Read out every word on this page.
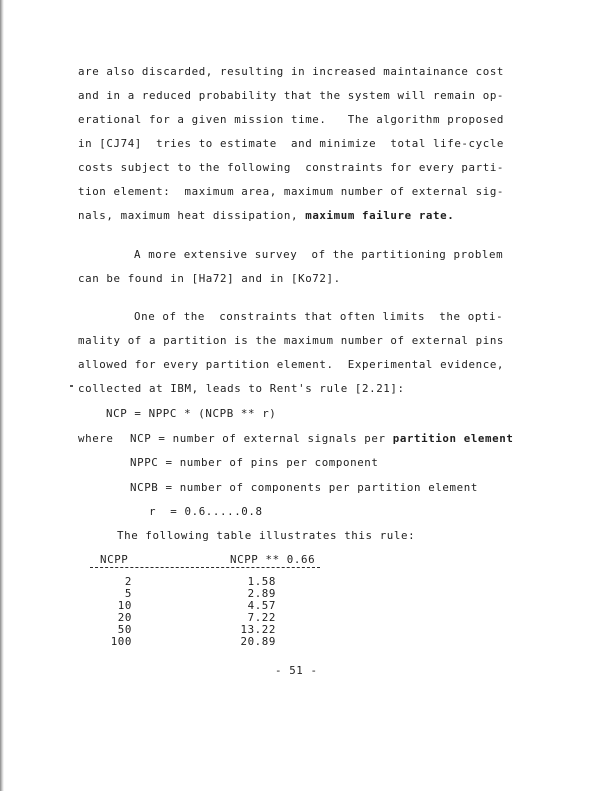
are also discarded, resulting in increased maintainance cost
and in a reduced probability that the system will remain op-
erational for a given mission time.   The algorithm proposed
in [CJ74]  tries to estimate  and minimize  total life-cycle
costs subject to the following  constraints for every parti-
tion element:  maximum area, maximum number of external sig-
nals, maximum heat dissipation, maximum failure rate.
A more extensive survey  of the partitioning problem
can be found in [Ha72] and in [Ko72].
One of the  constraints that often limits  the opti-
mality of a partition is the maximum number of external pins
allowed for every partition element.  Experimental evidence,
collected at IBM, leads to Rent's rule [2.21]:
NCP = NPPC * (NCPB ** r)
where NCP = number of external signals per partition element
NPPC = number of pins per component
NCPB = number of components per partition element
r  = 0.6.....0.8
The following table illustrates this rule:
NCPP	NCPP ** 0.66
2	1.58
5	2.89
10	4.57
20	7.22
50	13.22
100	20.89
- 51 -
